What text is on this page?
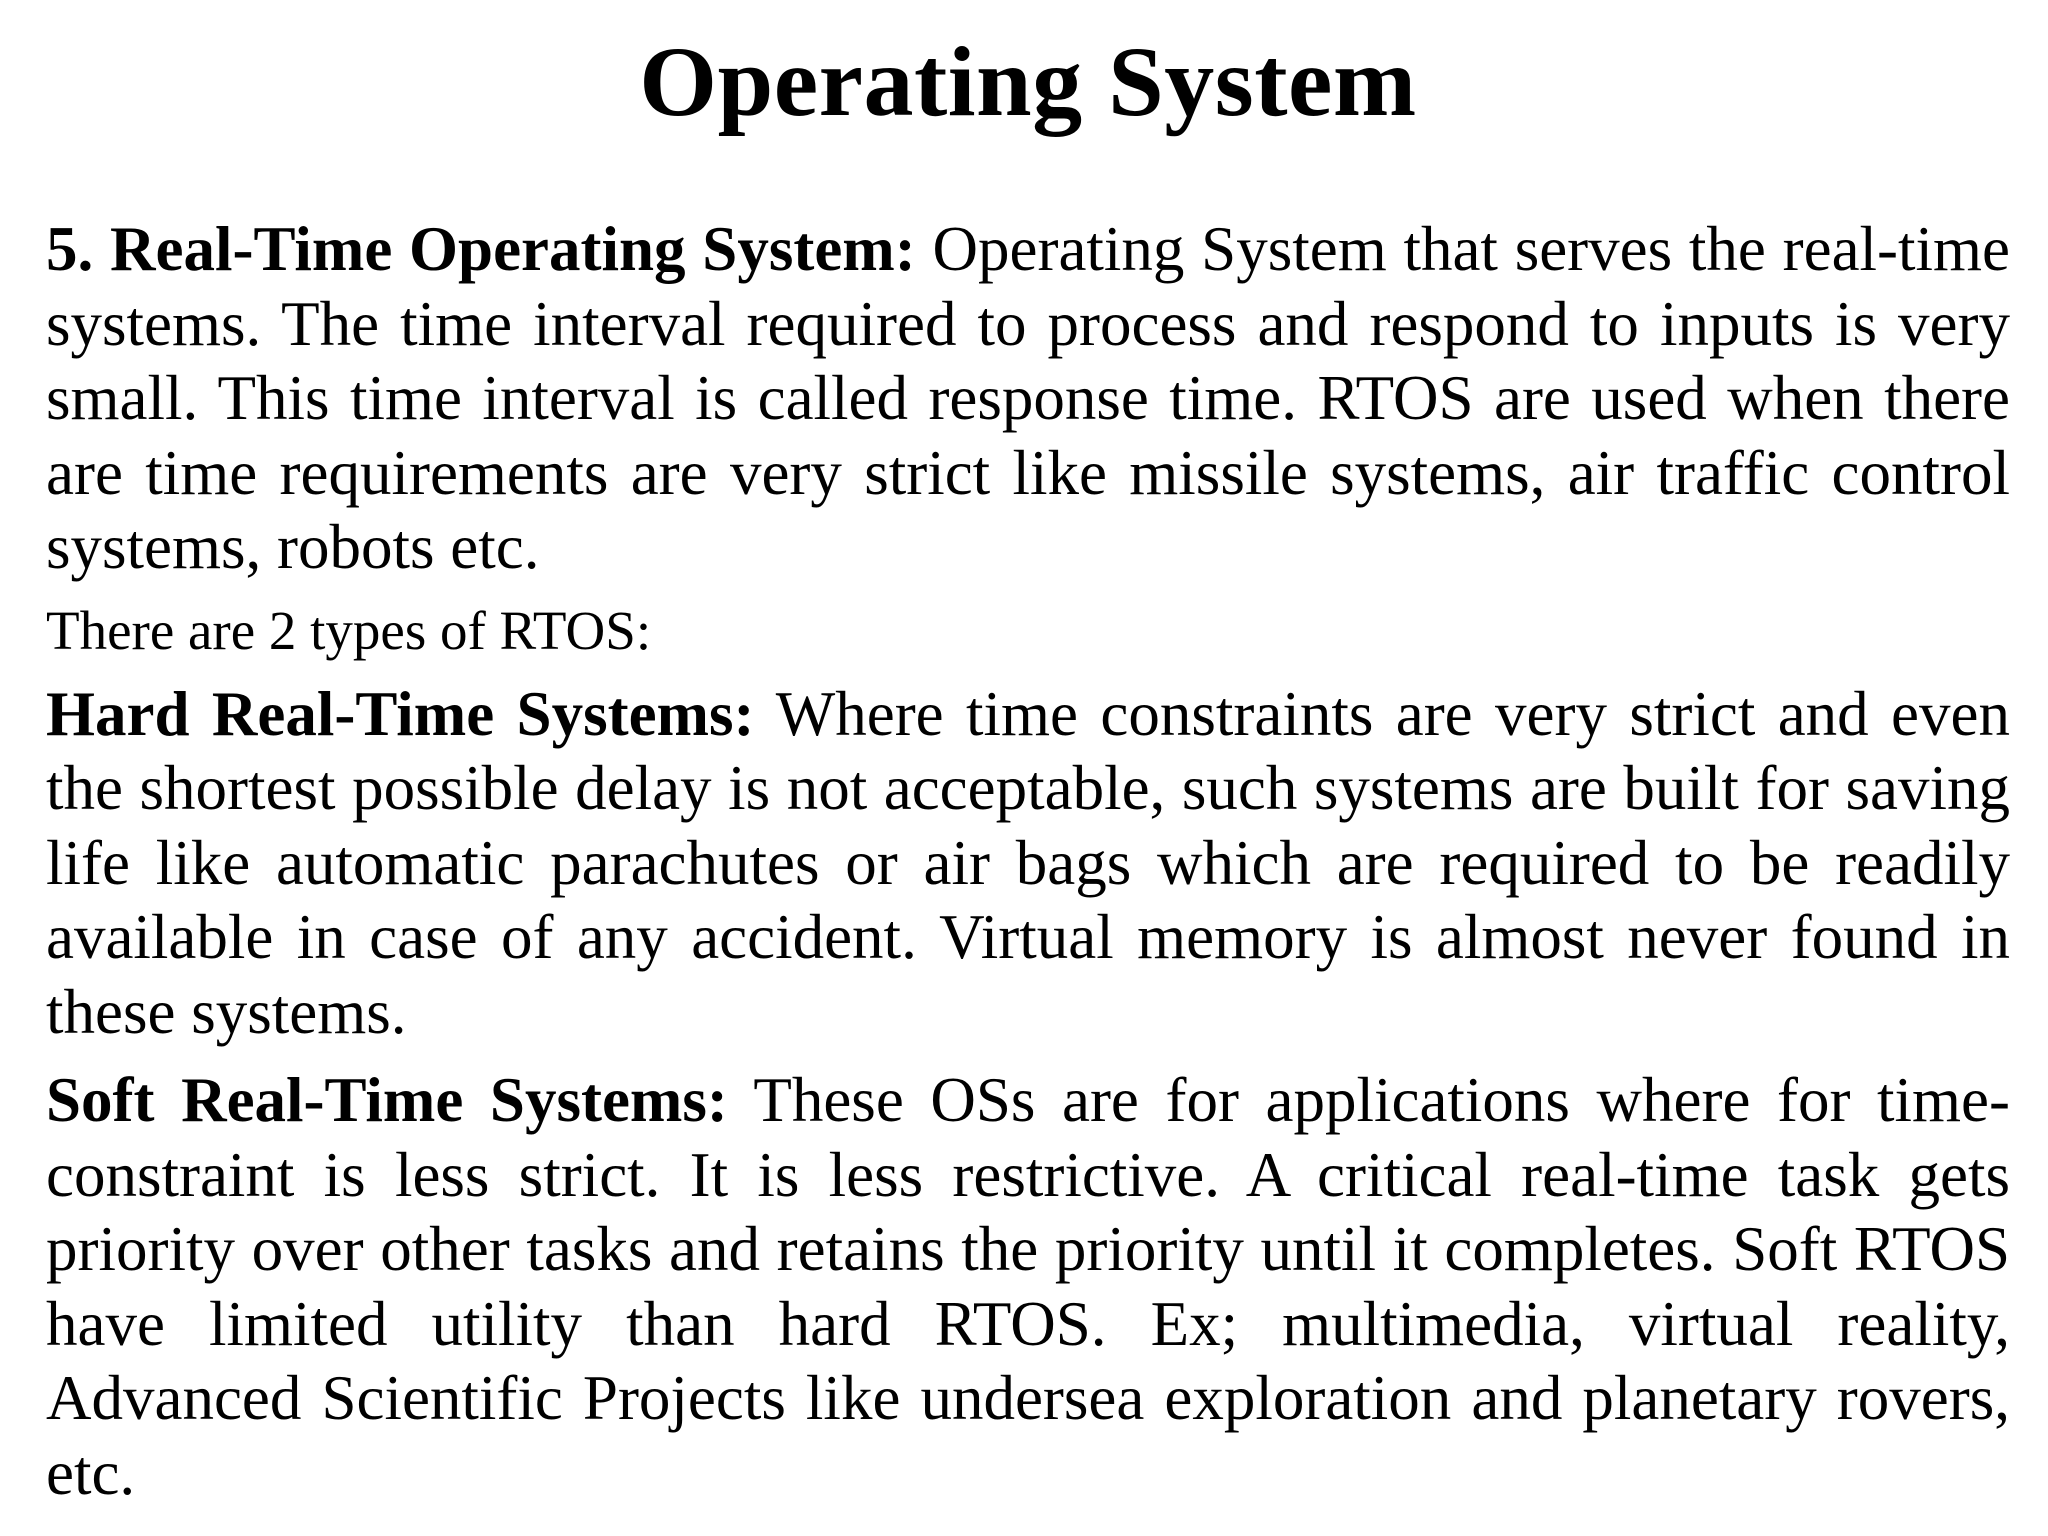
Operating System

5. Real-Time Operating System: Operating System that serves the real-time systems. The time interval required to process and respond to inputs is very small. This time interval is called response time. RTOS are used when there are time requirements are very strict like missile systems, air traffic control systems, robots etc.

There are 2 types of RTOS:

Hard Real-Time Systems: Where time constraints are very strict and even the shortest possible delay is not acceptable, such systems are built for saving life like automatic parachutes or air bags which are required to be readily available in case of any accident. Virtual memory is almost never found in these systems.

Soft Real-Time Systems: These OSs are for applications where for time-constraint is less strict. It is less restrictive. A critical real-time task gets priority over other tasks and retains the priority until it completes. Soft RTOS have limited utility than hard RTOS. Ex; multimedia, virtual reality, Advanced Scientific Projects like undersea exploration and planetary rovers, etc.
